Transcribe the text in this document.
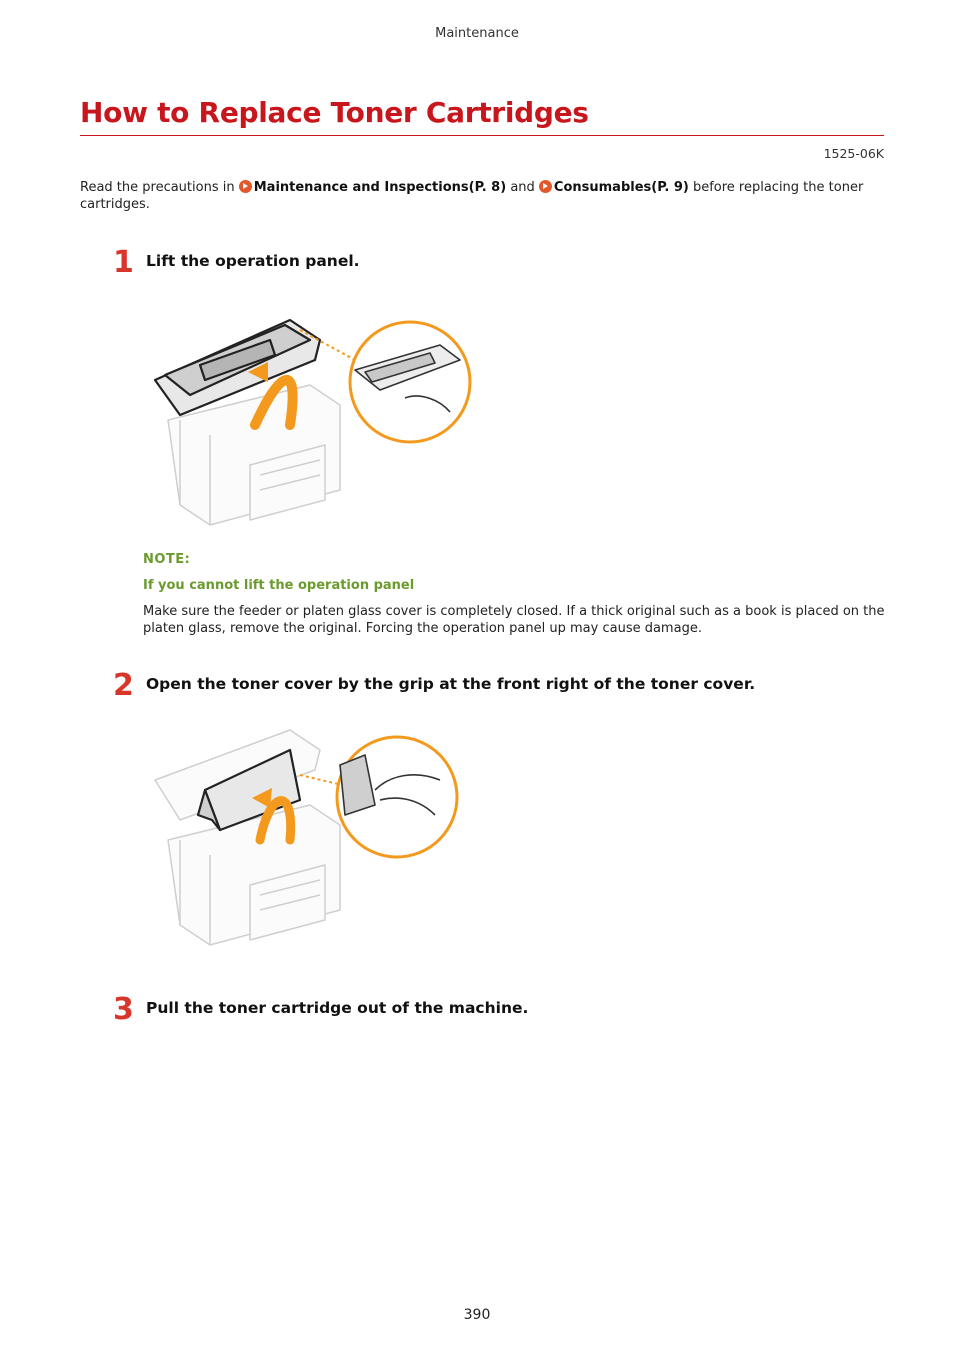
Maintenance
How to Replace Toner Cartridges
1525-06K
Read the precautions in Maintenance and Inspections(P. 8) and Consumables(P. 9) before replacing the toner cartridges.
1 Lift the operation panel.
NOTE:
If you cannot lift the operation panel
Make sure the feeder or platen glass cover is completely closed. If a thick original such as a book is placed on the platen glass, remove the original. Forcing the operation panel up may cause damage.
2 Open the toner cover by the grip at the front right of the toner cover.
3 Pull the toner cartridge out of the machine.
390
